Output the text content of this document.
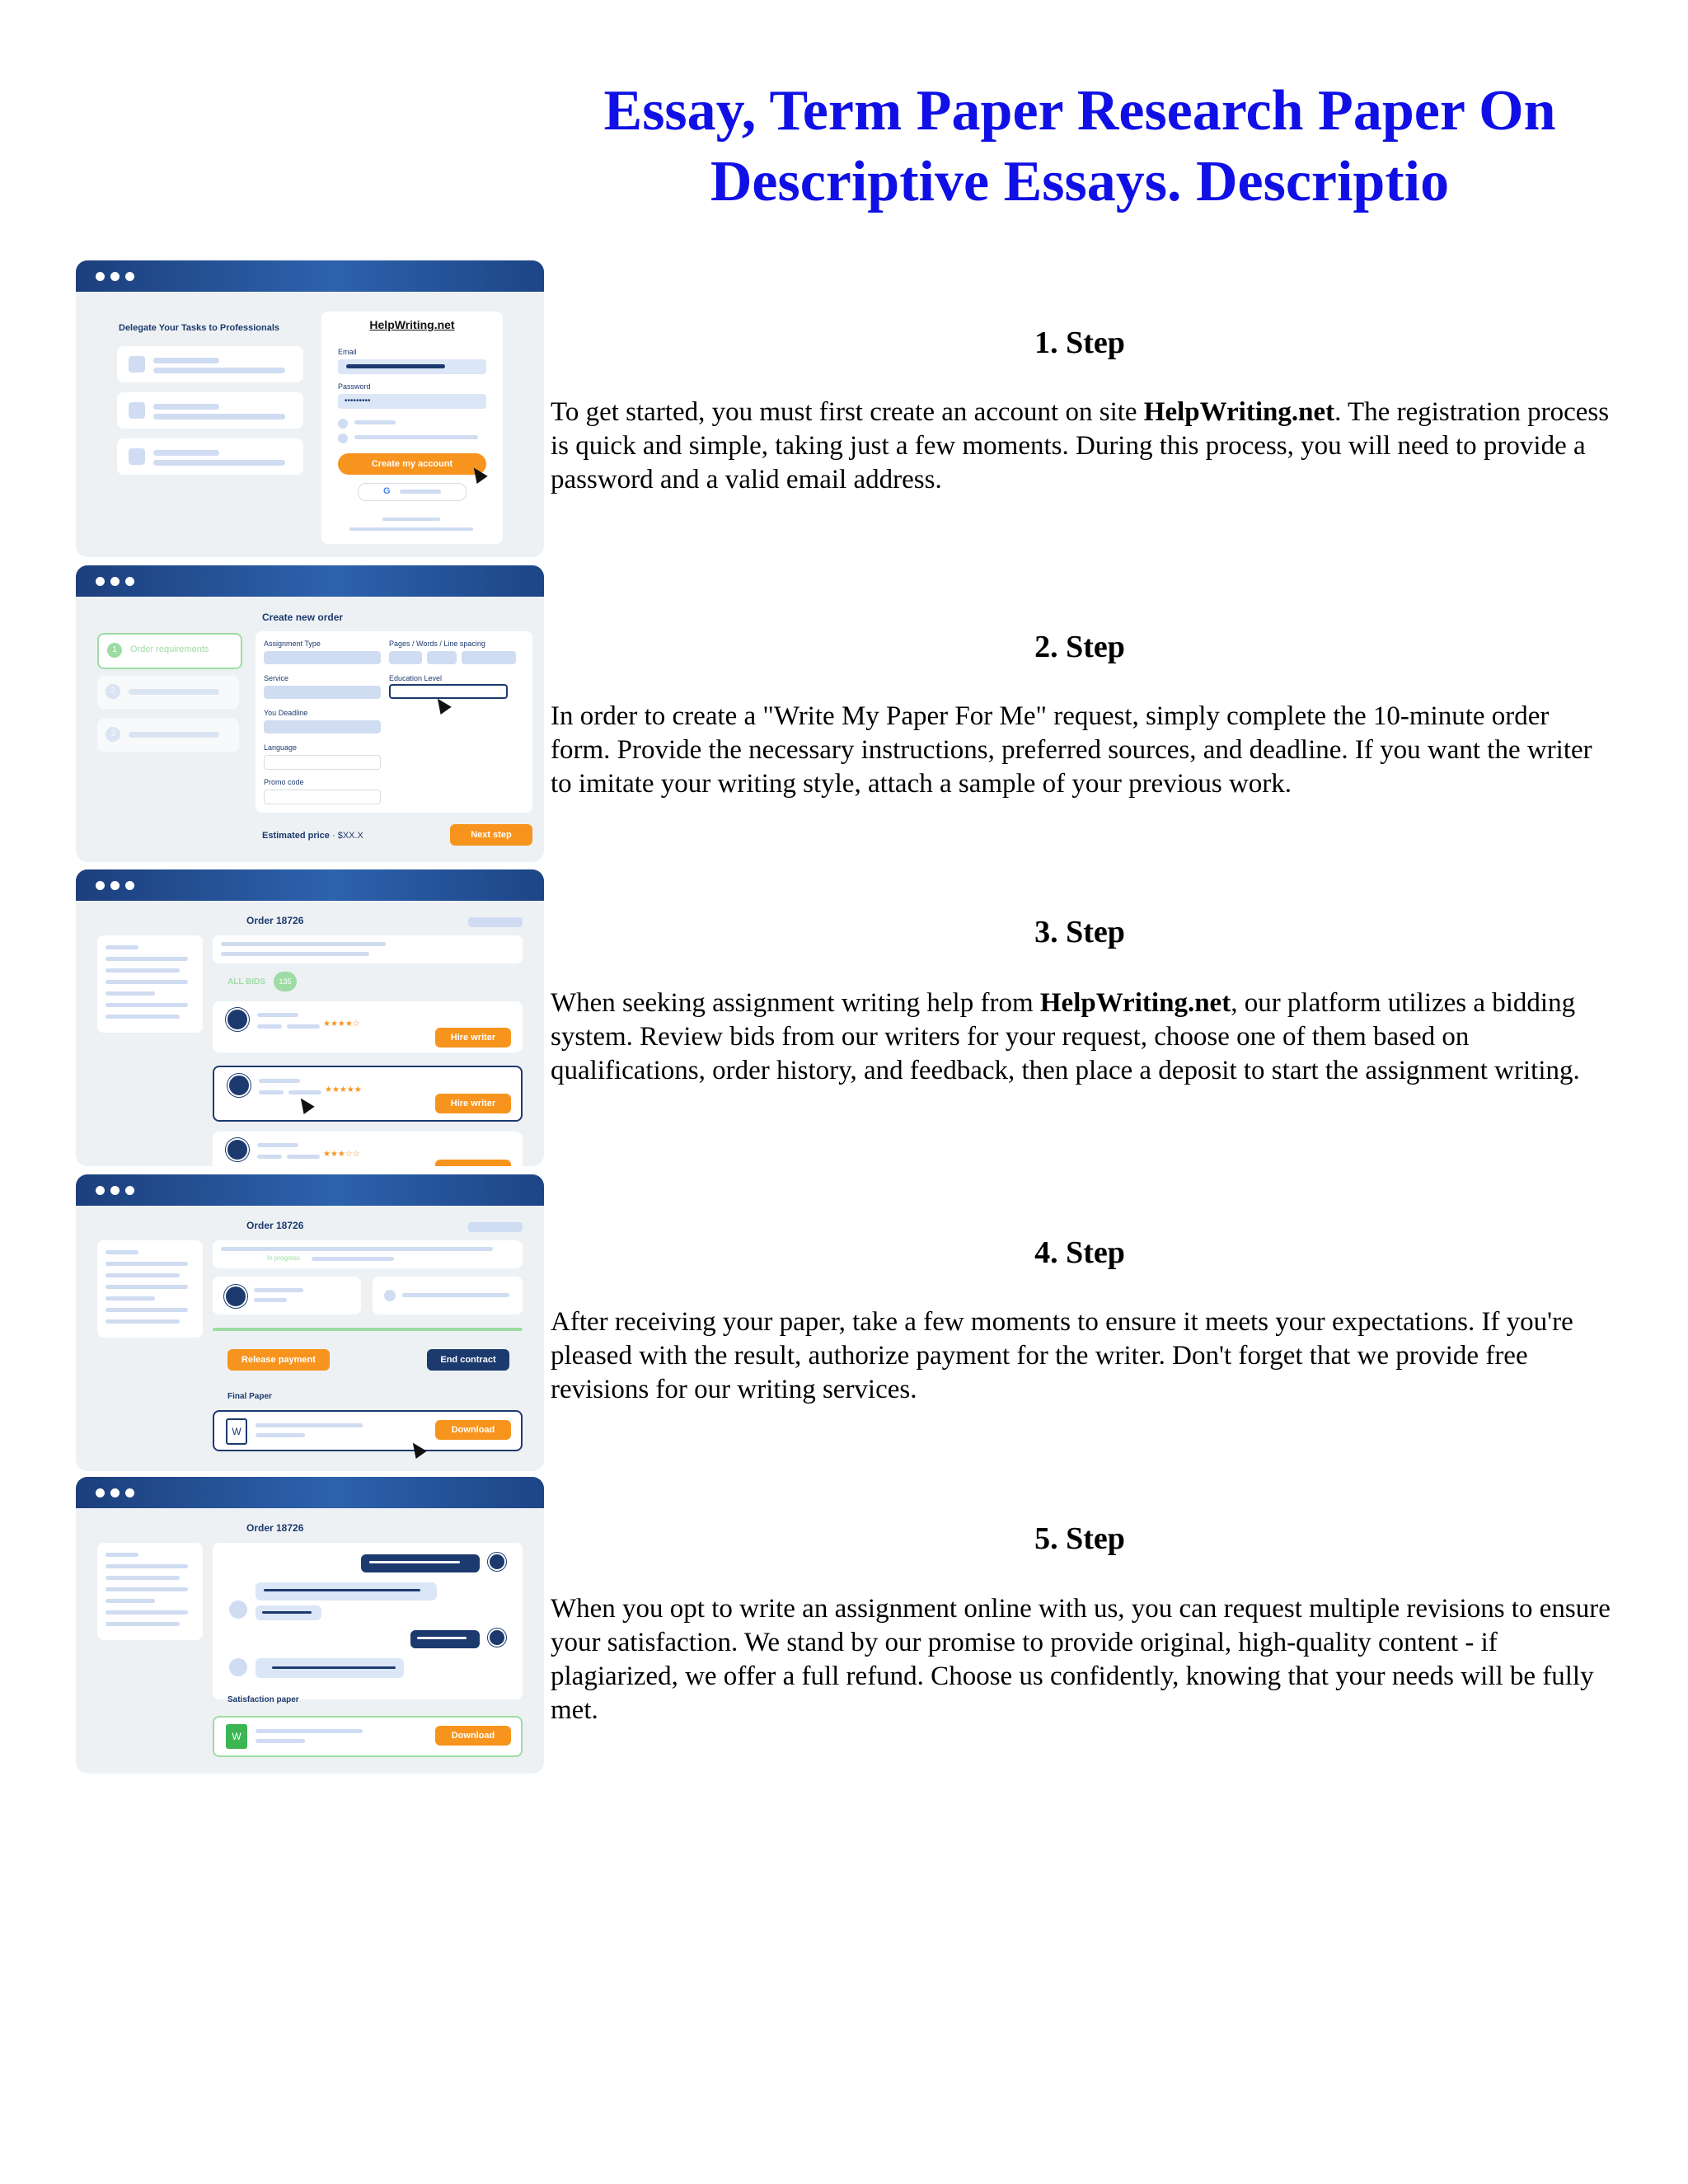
Essay, Term Paper Research Paper On Descriptive Essays. Descriptio
Delegate Your Tasks to Professionals	HelpWriting.net
Email
Password
•••••••••
Create my account
G
1	Order requirements
2
3
Create new order
Assignment Type	Pages / Words / Line spacing
Service	Education Level
You Deadline
Language
Promo code
Estimated price · $XX.X	Next step
Order 18726
ALL BIDS	135
★★★★☆
Hire writer
★★★★★
Hire writer
★★★☆☆
Order 18726
In progress
Release payment	End contract
Final Paper
W	Download
Order 18726
Satisfaction paper
W	Download
1. Step

To get started, you must first create an account on site HelpWriting.net. The registration process is quick and simple, taking just a few moments. During this process, you will need to provide a password and a valid email address.

2. Step

In order to create a "Write My Paper For Me" request, simply complete the 10-minute order form. Provide the necessary instructions, preferred sources, and deadline. If you want the writer to imitate your writing style, attach a sample of your previous work.

3. Step

When seeking assignment writing help from HelpWriting.net, our platform utilizes a bidding system. Review bids from our writers for your request, choose one of them based on qualifications, order history, and feedback, then place a deposit to start the assignment writing.

4. Step

After receiving your paper, take a few moments to ensure it meets your expectations. If you're pleased with the result, authorize payment for the writer. Don't forget that we provide free revisions for our writing services.

5. Step

When you opt to write an assignment online with us, you can request multiple revisions to ensure your satisfaction. We stand by our promise to provide original, high-quality content - if plagiarized, we offer a full refund. Choose us confidently, knowing that your needs will be fully met.
